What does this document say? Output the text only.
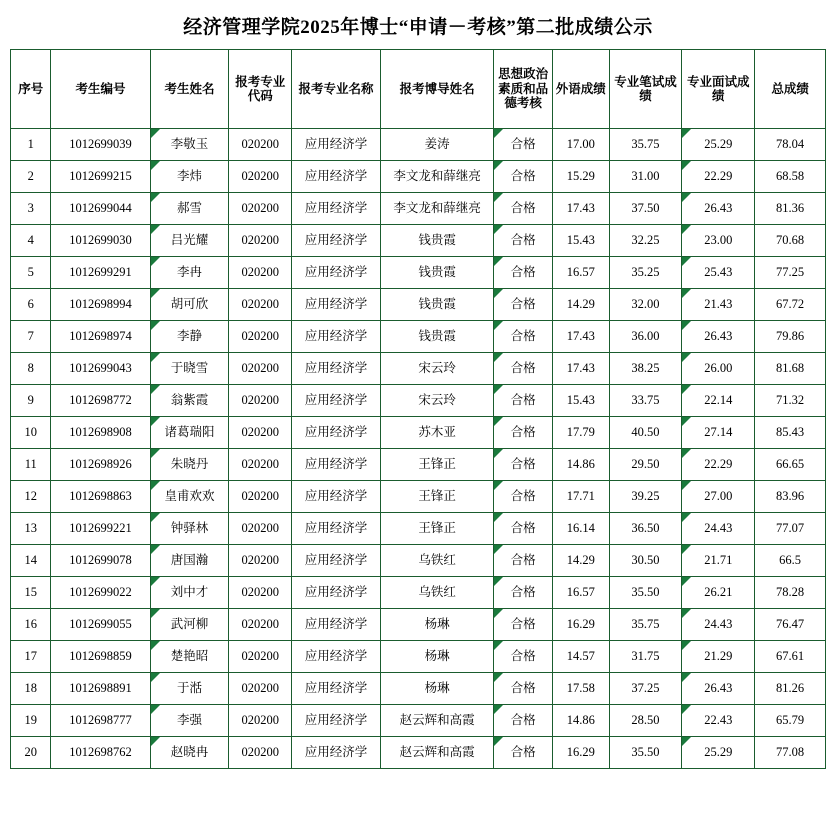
经济管理学院2025年博士“申请－考核”第二批成绩公示
序号	考生编号	考生姓名	报考专业代码	报考专业名称	报考博导姓名	思想政治素质和品德考核	外语成绩	专业笔试成绩	专业面试成绩	总成绩
1	1012699039	李敬玉	020200	应用经济学	姜涛	合格	17.00	35.75	25.29	78.04
2	1012699215	李炜	020200	应用经济学	李文龙和薛继亮	合格	15.29	31.00	22.29	68.58
3	1012699044	郝雪	020200	应用经济学	李文龙和薛继亮	合格	17.43	37.50	26.43	81.36
4	1012699030	吕光耀	020200	应用经济学	钱贵霞	合格	15.43	32.25	23.00	70.68
5	1012699291	李冉	020200	应用经济学	钱贵霞	合格	16.57	35.25	25.43	77.25
6	1012698994	胡可欣	020200	应用经济学	钱贵霞	合格	14.29	32.00	21.43	67.72
7	1012698974	李静	020200	应用经济学	钱贵霞	合格	17.43	36.00	26.43	79.86
8	1012699043	于晓雪	020200	应用经济学	宋云玲	合格	17.43	38.25	26.00	81.68
9	1012698772	翁紫霞	020200	应用经济学	宋云玲	合格	15.43	33.75	22.14	71.32
10	1012698908	诸葛瑞阳	020200	应用经济学	苏木亚	合格	17.79	40.50	27.14	85.43
11	1012698926	朱晓丹	020200	应用经济学	王锋正	合格	14.86	29.50	22.29	66.65
12	1012698863	皇甫欢欢	020200	应用经济学	王锋正	合格	17.71	39.25	27.00	83.96
13	1012699221	钟驿林	020200	应用经济学	王锋正	合格	16.14	36.50	24.43	77.07
14	1012699078	唐国瀚	020200	应用经济学	乌铁红	合格	14.29	30.50	21.71	66.5
15	1012699022	刘中才	020200	应用经济学	乌铁红	合格	16.57	35.50	26.21	78.28
16	1012699055	武河柳	020200	应用经济学	杨琳	合格	16.29	35.75	24.43	76.47
17	1012698859	楚艳昭	020200	应用经济学	杨琳	合格	14.57	31.75	21.29	67.61
18	1012698891	于湉	020200	应用经济学	杨琳	合格	17.58	37.25	26.43	81.26
19	1012698777	李强	020200	应用经济学	赵云辉和高霞	合格	14.86	28.50	22.43	65.79
20	1012698762	赵晓冉	020200	应用经济学	赵云辉和高霞	合格	16.29	35.50	25.29	77.08
